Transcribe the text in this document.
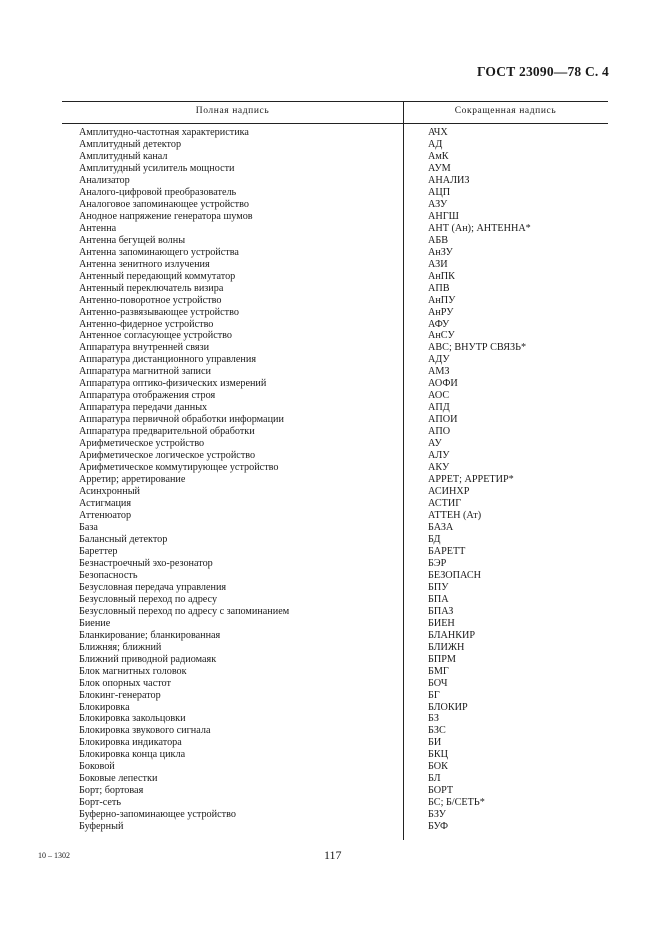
ГОСТ 23090—78 С. 4
Полная надпись	Сокращенная надпись
Амплитудно-частотная характеристика	АЧХ
Амплитудный детектор	АД
Амплитудный канал	АмК
Амплитудный усилитель мощности	АУМ
Анализатор	АНАЛИЗ
Аналого-цифровой преобразователь	АЦП
Аналоговое запоминающее устройство	АЗУ
Анодное напряжение генератора шумов	АНГШ
Антенна	АНТ (Ан); АНТЕННА*
Антенна бегущей волны	АБВ
Антенна запоминающего устройства	АнЗУ
Антенна зенитного излучения	АЗИ
Антенный передающий коммутатор	АнПК
Антенный переключатель визира	АПВ
Антенно-поворотное устройство	АнПУ
Антенно-развязывающее устройство	АнРУ
Антенно-фидерное устройство	АФУ
Антенное согласующее устройство	АнСУ
Аппаратура внутренней связи	АВС; ВНУТР СВЯЗЬ*
Аппаратура дистанционного управления	АДУ
Аппаратура магнитной записи	АМЗ
Аппаратура оптико-физических измерений	АОФИ
Аппаратура отображения строя	АОС
Аппаратура передачи данных	АПД
Аппаратура первичной обработки информации	АПОИ
Аппаратура предварительной обработки	АПО
Арифметическое устройство	АУ
Арифметическое логическое устройство	АЛУ
Арифметическое коммутирующее устройство	АКУ
Арретир; арретирование	АРРЕТ; АРРЕТИР*
Асинхронный	АСИНХР
Астигмация	АСТИГ
Аттенюатор	АТТЕН (Ат)
База	БАЗА
Балансный детектор	БД
Бареттер	БАРЕТТ
Безнастроечный эхо-резонатор	БЭР
Безопасность	БЕЗОПАСН
Безусловная передача управления	БПУ
Безусловный переход по адресу	БПА
Безусловный переход по адресу с запоминанием	БПАЗ
Биение	БИЕН
Бланкирование; бланкированная	БЛАНКИР
Ближняя; ближний	БЛИЖН
Ближний приводной радиомаяк	БПРМ
Блок магнитных головок	БМГ
Блок опорных частот	БОЧ
Блокинг-генератор	БГ
Блокировка	БЛОКИР
Блокировка закольцовки	БЗ
Блокировка звукового сигнала	БЗС
Блокировка индикатора	БИ
Блокировка конца цикла	БКЦ
Боковой	БОК
Боковые лепестки	БЛ
Борт; бортовая	БОРТ
Борт-сеть	БС; Б/СЕТЬ*
Буферно-запоминающее устройство	БЗУ
Буферный	БУФ
10 – 1302	117
